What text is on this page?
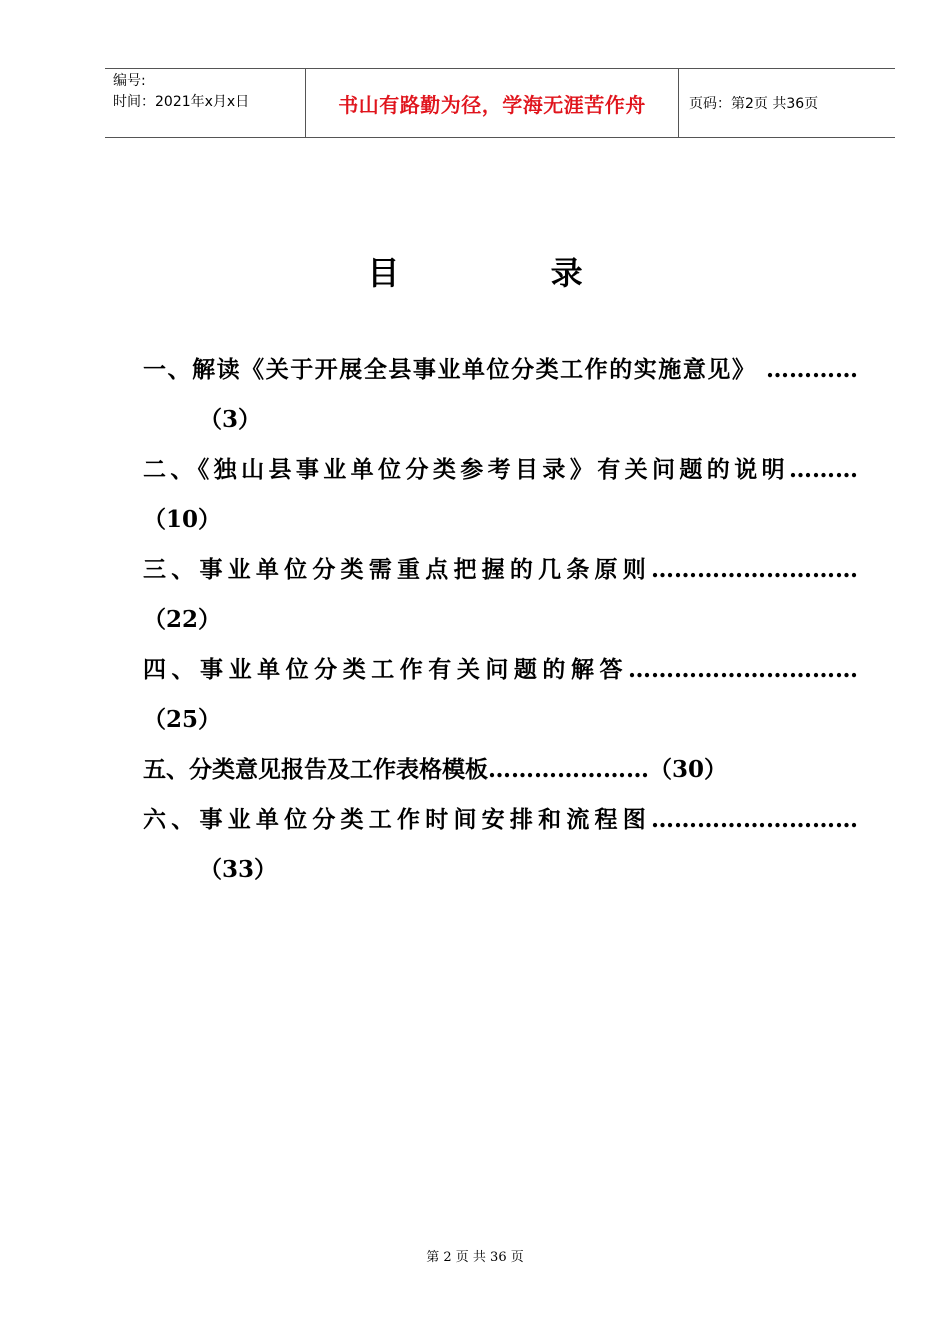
编号:
时间：2021年x月x日	书山有路勤为径，学海无涯苦作舟	页码：第2页 共36页
目 录
一、解读《关于开展全县事业单位分类工作的实施意见》 …………
（3）
二、《独山县事业单位分类参考目录》有关问题的说明………
（10）
三、事业单位分类需重点把握的几条原则………………………
（22）
四、事业单位分类工作有关问题的解答…………………………
（25）
五、分类意见报告及工作表格模板…………………（30）
六、事业单位分类工作时间安排和流程图………………………
（33）
第 2 页 共 36 页
